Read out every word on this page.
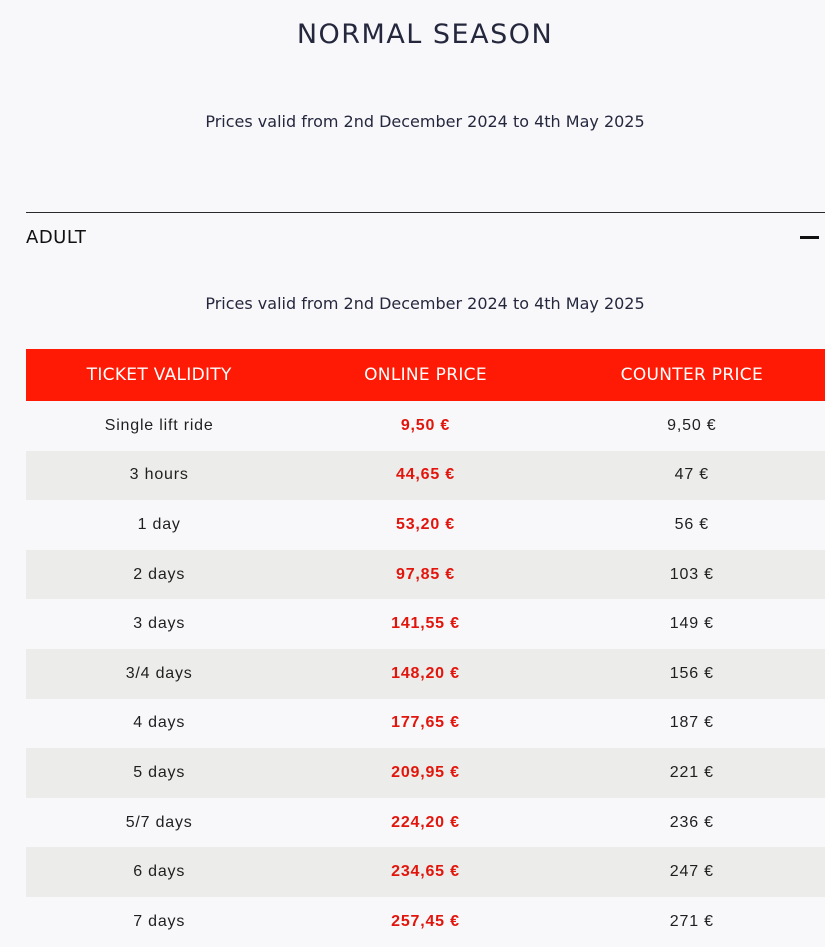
NORMAL SEASON
Prices valid from 2nd December 2024 to 4th May 2025
ADULT
Prices valid from 2nd December 2024 to 4th May 2025
TICKET VALIDITY	ONLINE PRICE	COUNTER PRICE
Single lift ride	9,50 €	9,50 €
3 hours	44,65 €	47 €
1 day	53,20 €	56 €
2 days	97,85 €	103 €
3 days	141,55 €	149 €
3/4 days	148,20 €	156 €
4 days	177,65 €	187 €
5 days	209,95 €	221 €
5/7 days	224,20 €	236 €
6 days	234,65 €	247 €
7 days	257,45 €	271 €
